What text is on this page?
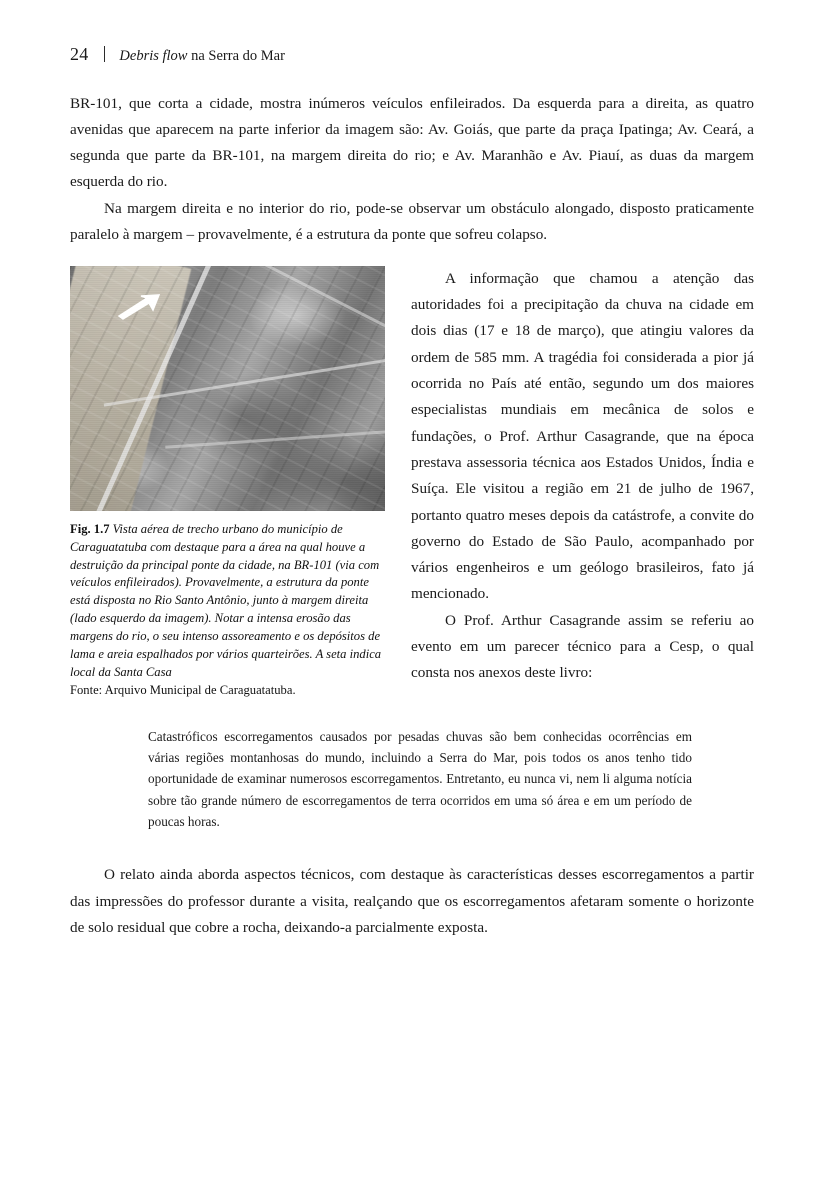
24 Debris flow na Serra do Mar

BR-101, que corta a cidade, mostra inúmeros veículos enfileirados. Da esquerda para a direita, as quatro avenidas que aparecem na parte inferior da imagem são: Av. Goiás, que parte da praça Ipatinga; Av. Ceará, a segunda que parte da BR-101, na margem direita do rio; e Av. Maranhão e Av. Piauí, as duas da margem esquerda do rio.

Na margem direita e no interior do rio, pode-se observar um obstáculo alongado, disposto praticamente paralelo à margem – provavelmente, é a estrutura da ponte que sofreu colapso.

Fig. 1.7 Vista aérea de trecho urbano do município de Caraguatatuba com destaque para a área na qual houve a destruição da principal ponte da cidade, na BR-101 (via com veículos enfileirados). Provavelmente, a estrutura da ponte está disposta no Rio Santo Antônio, junto à margem direita (lado esquerdo da imagem). Notar a intensa erosão das margens do rio, o seu intenso assoreamento e os depósitos de lama e areia espalhados por vários quarteirões. A seta indica local da Santa Casa
Fonte: Arquivo Municipal de Caraguatatuba.

A informação que chamou a atenção das autoridades foi a precipitação da chuva na cidade em dois dias (17 e 18 de março), que atingiu valores da ordem de 585 mm. A tragédia foi considerada a pior já ocorrida no País até então, segundo um dos maiores especialistas mundiais em mecânica de solos e fundações, o Prof. Arthur Casagrande, que na época prestava assessoria técnica aos Estados Unidos, Índia e Suíça. Ele visitou a região em 21 de julho de 1967, portanto quatro meses depois da catástrofe, a convite do governo do Estado de São Paulo, acompanhado por vários engenheiros e um geólogo brasileiros, fato já mencionado.

O Prof. Arthur Casagrande assim se referiu ao evento em um parecer técnico para a Cesp, o qual consta nos anexos deste livro:

Catastróficos escorregamentos causados por pesadas chuvas são bem conhecidas ocorrências em várias regiões montanhosas do mundo, incluindo a Serra do Mar, pois todos os anos tenho tido oportunidade de examinar numerosos escorregamentos. Entretanto, eu nunca vi, nem li alguma notícia sobre tão grande número de escorregamentos de terra ocorridos em uma só área e em um período de poucas horas.

O relato ainda aborda aspectos técnicos, com destaque às características desses escorregamentos a partir das impressões do professor durante a visita, realçando que os escorregamentos afetaram somente o horizonte de solo residual que cobre a rocha, deixando-a parcialmente exposta.
